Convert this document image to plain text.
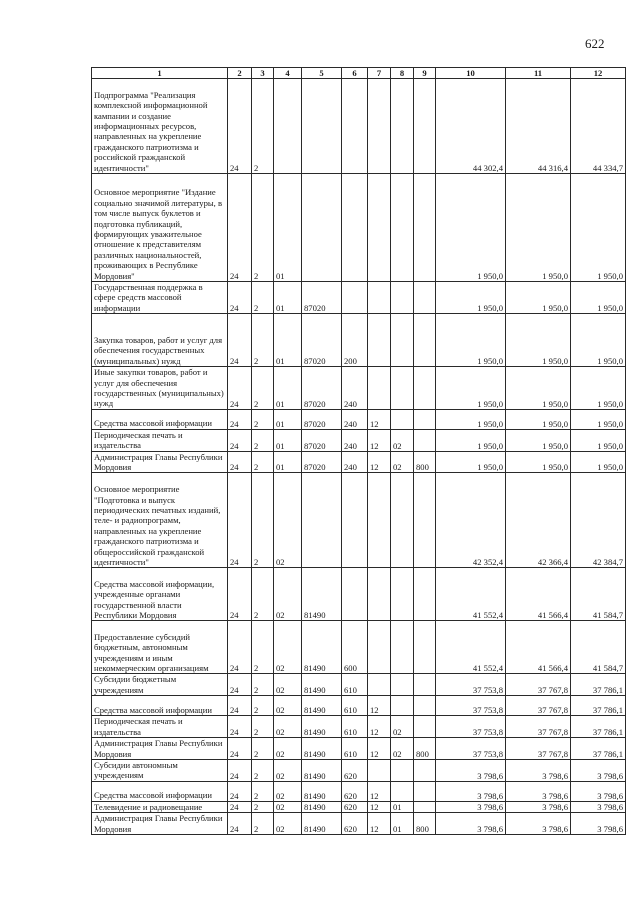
622
1	2	3	4	5	6	7	8	9	10	11	12
Подпрограмма "Реализация комплексной информационной кампании и создание информационных ресурсов, направленных на укрепление гражданского патриотизма и российской гражданской идентичности"	24	2							44 302,4	44 316,4	44 334,7
Основное мероприятие "Издание социально значимой литературы, в том числе выпуск буклетов и подготовка публикаций, формирующих уважительное отношение к представителям различных национальностей, проживающих в Республике Мордовия"	24	2	01						1 950,0	1 950,0	1 950,0
Государственная поддержка в сфере средств массовой информации	24	2	01	87020					1 950,0	1 950,0	1 950,0
Закупка товаров, работ и услуг для обеспечения государственных (муниципальных) нужд	24	2	01	87020	200				1 950,0	1 950,0	1 950,0
Иные закупки товаров, работ и услуг для обеспечения государственных (муниципальных) нужд	24	2	01	87020	240				1 950,0	1 950,0	1 950,0
Средства массовой информации	24	2	01	87020	240	12			1 950,0	1 950,0	1 950,0
Периодическая печать и издательства	24	2	01	87020	240	12	02		1 950,0	1 950,0	1 950,0
Администрация Главы Республики Мордовия	24	2	01	87020	240	12	02	800	1 950,0	1 950,0	1 950,0
Основное мероприятие "Подготовка и выпуск периодических печатных изданий, теле- и радиопрограмм, направленных на укрепление гражданского патриотизма и общероссийской гражданской идентичности"	24	2	02						42 352,4	42 366,4	42 384,7
Средства массовой информации, учрежденные органами государственной власти Республики Мордовия	24	2	02	81490					41 552,4	41 566,4	41 584,7
Предоставление субсидий бюджетным, автономным учреждениям и иным некоммерческим организациям	24	2	02	81490	600				41 552,4	41 566,4	41 584,7
Субсидии бюджетным учреждениям	24	2	02	81490	610				37 753,8	37 767,8	37 786,1
Средства массовой информации	24	2	02	81490	610	12			37 753,8	37 767,8	37 786,1
Периодическая печать и издательства	24	2	02	81490	610	12	02		37 753,8	37 767,8	37 786,1
Администрация Главы Республики Мордовия	24	2	02	81490	610	12	02	800	37 753,8	37 767,8	37 786,1
Субсидии автономным учреждениям	24	2	02	81490	620				3 798,6	3 798,6	3 798,6
Средства массовой информации	24	2	02	81490	620	12			3 798,6	3 798,6	3 798,6
Телевидение и радиовещание	24	2	02	81490	620	12	01		3 798,6	3 798,6	3 798,6
Администрация Главы Республики Мордовия	24	2	02	81490	620	12	01	800	3 798,6	3 798,6	3 798,6
